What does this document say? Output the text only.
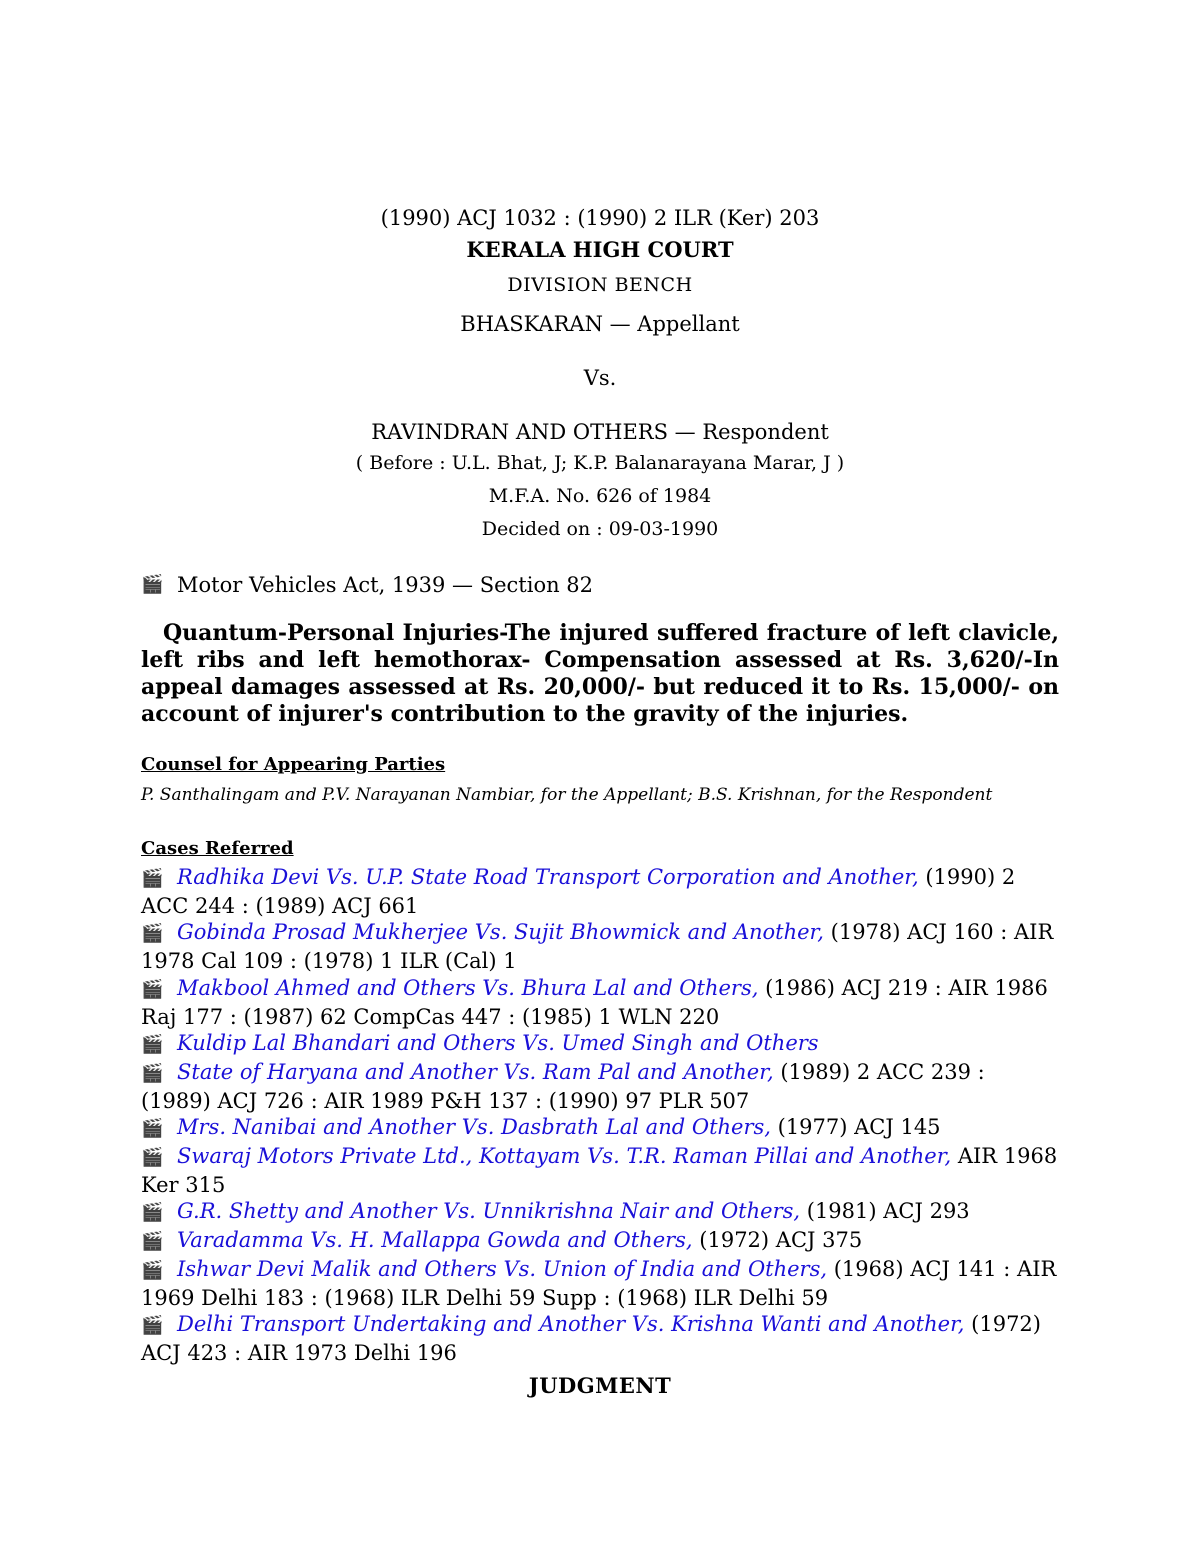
(1990) ACJ 1032 : (1990) 2 ILR (Ker) 203

KERALA HIGH COURT

DIVISION BENCH

BHASKARAN — Appellant

Vs.

RAVINDRAN AND OTHERS — Respondent

( Before : U.L. Bhat, J; K.P. Balanarayana Marar, J )

M.F.A. No. 626 of 1984

Decided on : 09-03-1990

🎬 Motor Vehicles Act, 1939 — Section 82

Quantum-Personal Injuries-The injured suffered fracture of left clavicle, left ribs and left hemothorax- Compensation assessed at Rs. 3,620/-In appeal damages assessed at Rs. 20,000/- but reduced it to Rs. 15,000/- on account of injurer's contribution to the gravity of the injuries.

Counsel for Appearing Parties

P. Santhalingam and P.V. Narayanan Nambiar, for the Appellant; B.S. Krishnan, for the Respondent

Cases Referred

🎬 Radhika Devi Vs. U.P. State Road Transport Corporation and Another, (1990) 2 ACC 244 : (1989) ACJ 661
🎬 Gobinda Prosad Mukherjee Vs. Sujit Bhowmick and Another, (1978) ACJ 160 : AIR 1978 Cal 109 : (1978) 1 ILR (Cal) 1
🎬 Makbool Ahmed and Others Vs. Bhura Lal and Others, (1986) ACJ 219 : AIR 1986 Raj 177 : (1987) 62 CompCas 447 : (1985) 1 WLN 220
🎬 Kuldip Lal Bhandari and Others Vs. Umed Singh and Others
🎬 State of Haryana and Another Vs. Ram Pal and Another, (1989) 2 ACC 239 : (1989) ACJ 726 : AIR 1989 P&H 137 : (1990) 97 PLR 507
🎬 Mrs. Nanibai and Another Vs. Dasbrath Lal and Others, (1977) ACJ 145
🎬 Swaraj Motors Private Ltd., Kottayam Vs. T.R. Raman Pillai and Another, AIR 1968 Ker 315
🎬 G.R. Shetty and Another Vs. Unnikrishna Nair and Others, (1981) ACJ 293
🎬 Varadamma Vs. H. Mallappa Gowda and Others, (1972) ACJ 375
🎬 Ishwar Devi Malik and Others Vs. Union of India and Others, (1968) ACJ 141 : AIR 1969 Delhi 183 : (1968) ILR Delhi 59 Supp : (1968) ILR Delhi 59
🎬 Delhi Transport Undertaking and Another Vs. Krishna Wanti and Another, (1972) ACJ 423 : AIR 1973 Delhi 196

JUDGMENT
